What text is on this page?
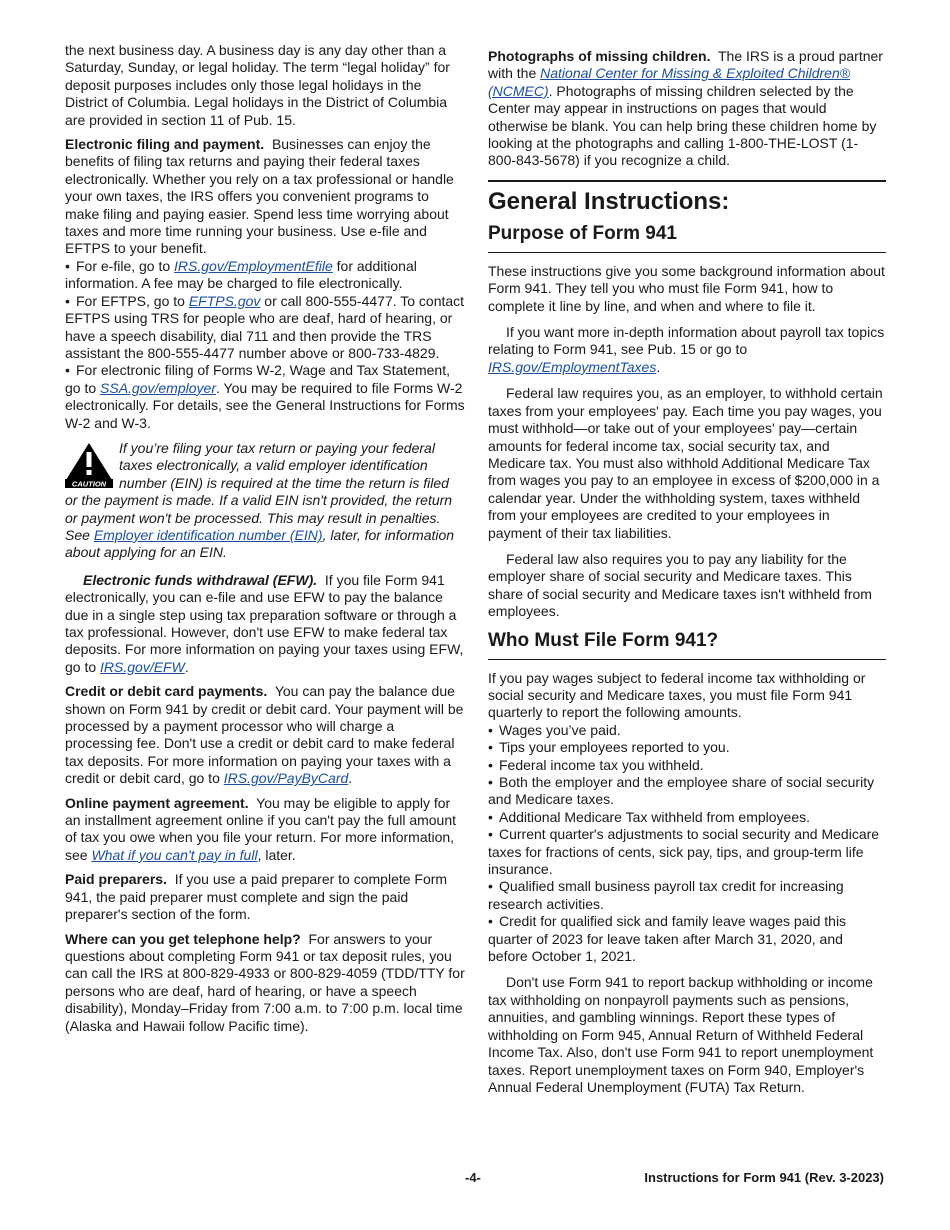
the next business day. A business day is any day other than a Saturday, Sunday, or legal holiday. The term “legal holiday” for deposit purposes includes only those legal holidays in the District of Columbia. Legal holidays in the District of Columbia are provided in section 11 of Pub. 15.

Electronic filing and payment. Businesses can enjoy the benefits of filing tax returns and paying their federal taxes electronically. Whether you rely on a tax professional or handle your own taxes, the IRS offers you convenient programs to make filing and paying easier. Spend less time worrying about taxes and more time running your business. Use e-file and EFTPS to your benefit.

• For e-file, go to IRS.gov/EmploymentEfile for additional information. A fee may be charged to file electronically.

• For EFTPS, go to EFTPS.gov or call 800-555-4477. To contact EFTPS using TRS for people who are deaf, hard of hearing, or have a speech disability, dial 711 and then provide the TRS assistant the 800-555-4477 number above or 800-733-4829.

• For electronic filing of Forms W-2, Wage and Tax Statement, go to SSA.gov/employer. You may be required to file Forms W-2 electronically. For details, see the General Instructions for Forms W-2 and W-3.

CAUTION
If you’re filing your tax return or paying your federal taxes electronically, a valid employer identification number (EIN) is required at the time the return is filed or the payment is made. If a valid EIN isn't provided, the return or payment won't be processed. This may result in penalties. See Employer identification number (EIN), later, for information about applying for an EIN.

Electronic funds withdrawal (EFW). If you file Form 941 electronically, you can e-file and use EFW to pay the balance due in a single step using tax preparation software or through a tax professional. However, don't use EFW to make federal tax deposits. For more information on paying your taxes using EFW, go to IRS.gov/EFW.

Credit or debit card payments. You can pay the balance due shown on Form 941 by credit or debit card. Your payment will be processed by a payment processor who will charge a processing fee. Don't use a credit or debit card to make federal tax deposits. For more information on paying your taxes with a credit or debit card, go to IRS.gov/PayByCard.

Online payment agreement. You may be eligible to apply for an installment agreement online if you can't pay the full amount of tax you owe when you file your return. For more information, see What if you can't pay in full, later.

Paid preparers. If you use a paid preparer to complete Form 941, the paid preparer must complete and sign the paid preparer's section of the form.

Where can you get telephone help? For answers to your questions about completing Form 941 or tax deposit rules, you can call the IRS at 800-829-4933 or 800-829-4059 (TDD/TTY for persons who are deaf, hard of hearing, or have a speech disability), Monday–Friday from 7:00 a.m. to 7:00 p.m. local time (Alaska and Hawaii follow Pacific time).

Photographs of missing children. The IRS is a proud partner with the National Center for Missing & Exploited Children® (NCMEC). Photographs of missing children selected by the Center may appear in instructions on pages that would otherwise be blank. You can help bring these children home by looking at the photographs and calling 1-800-THE-LOST (1-800-843-5678) if you recognize a child.

General Instructions:
Purpose of Form 941

These instructions give you some background information about Form 941. They tell you who must file Form 941, how to complete it line by line, and when and where to file it.

If you want more in-depth information about payroll tax topics relating to Form 941, see Pub. 15 or go to IRS.gov/EmploymentTaxes.

Federal law requires you, as an employer, to withhold certain taxes from your employees' pay. Each time you pay wages, you must withhold—or take out of your employees' pay—certain amounts for federal income tax, social security tax, and Medicare tax. You must also withhold Additional Medicare Tax from wages you pay to an employee in excess of $200,000 in a calendar year. Under the withholding system, taxes withheld from your employees are credited to your employees in payment of their tax liabilities.

Federal law also requires you to pay any liability for the employer share of social security and Medicare taxes. This share of social security and Medicare taxes isn't withheld from employees.

Who Must File Form 941?

If you pay wages subject to federal income tax withholding or social security and Medicare taxes, you must file Form 941 quarterly to report the following amounts.

• Wages you’ve paid.

• Tips your employees reported to you.

• Federal income tax you withheld.

• Both the employer and the employee share of social security and Medicare taxes.

• Additional Medicare Tax withheld from employees.

• Current quarter's adjustments to social security and Medicare taxes for fractions of cents, sick pay, tips, and group-term life insurance.

• Qualified small business payroll tax credit for increasing research activities.

• Credit for qualified sick and family leave wages paid this quarter of 2023 for leave taken after March 31, 2020, and before October 1, 2021.

Don't use Form 941 to report backup withholding or income tax withholding on nonpayroll payments such as pensions, annuities, and gambling winnings. Report these types of withholding on Form 945, Annual Return of Withheld Federal Income Tax. Also, don't use Form 941 to report unemployment taxes. Report unemployment taxes on Form 940, Employer's Annual Federal Unemployment (FUTA) Tax Return.

-4-	Instructions for Form 941 (Rev. 3-2023)
